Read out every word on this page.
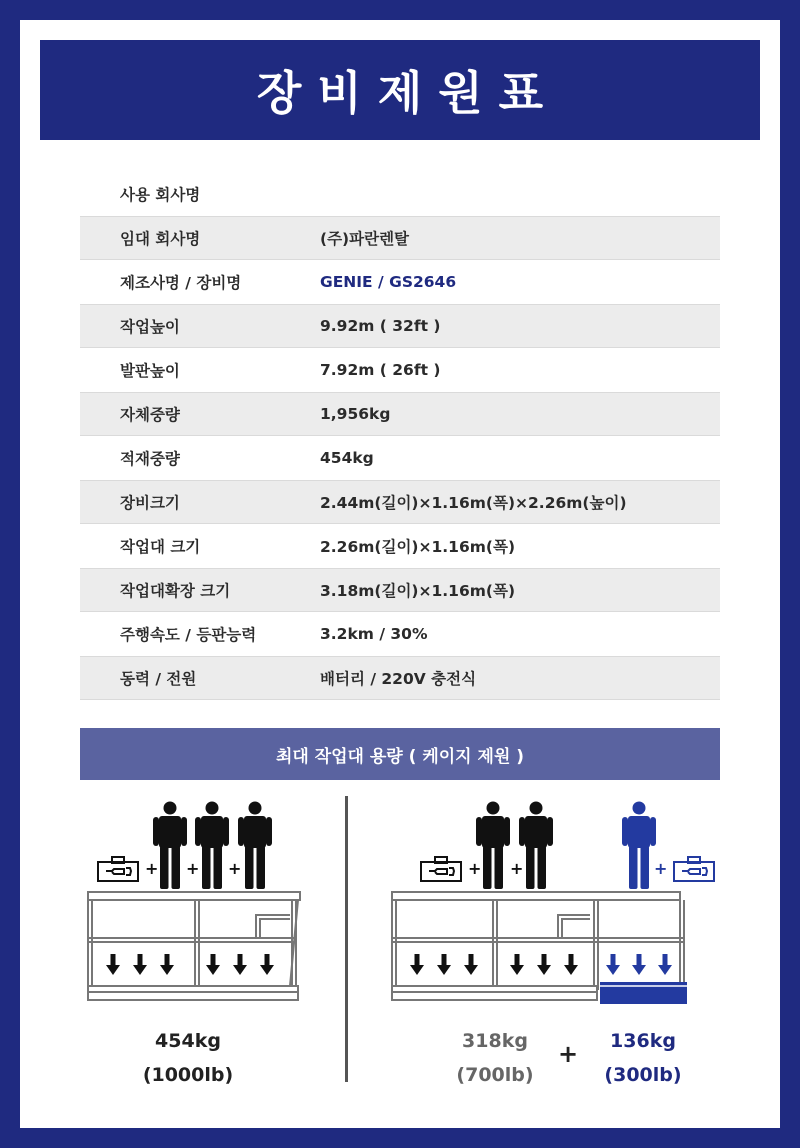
장비제원표
사용 회사명
임대 회사명	(주)파란렌탈
제조사명 / 장비명	GENIE / GS2646
작업높이	9.92m ( 32ft )
발판높이	7.92m ( 26ft )
자체중량	1,956kg
적재중량	454kg
장비크기	2.44m(길이)×1.16m(폭)×2.26m(높이)
작업대 크기	2.26m(길이)×1.16m(폭)
작업대확장 크기	3.18m(길이)×1.16m(폭)
주행속도 / 등판능력	3.2km / 30%
동력 / 전원	배터리 / 220V 충전식
최대 작업대 용량 ( 케이지 제원 )
+ + +	+ +	+
454kg
(1000lb)
318kg
(700lb)
+	136kg
(300lb)
